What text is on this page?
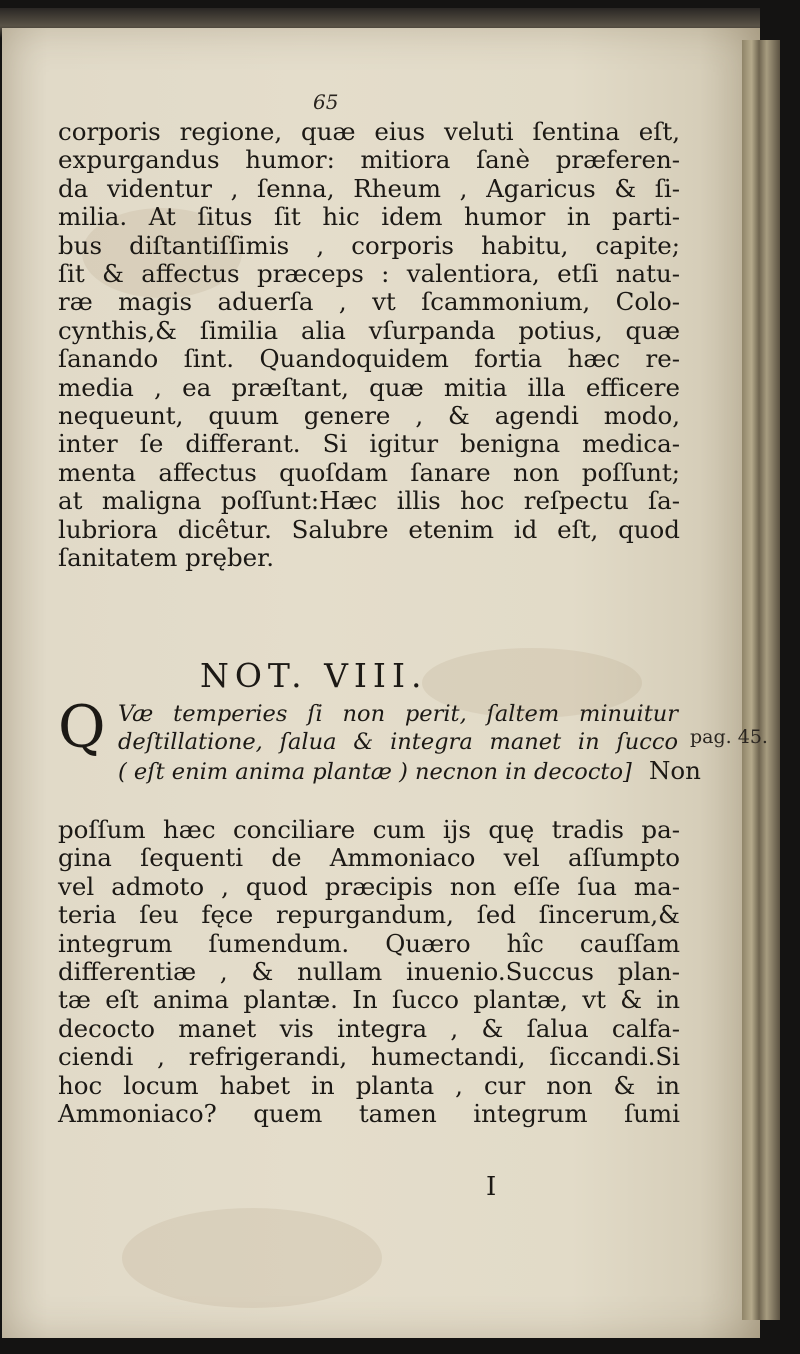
65
corporis regione, quæ eius veluti ſentina eſt,
expurgandus humor: mitiora ſanè præferen-
da videntur , ſenna, Rheum , Agaricus & ſi-
milia. At ſitus ſit hic idem humor in parti-
bus diſtantiſſimis , corporis habitu, capite;
ſit & affectus præceps : valentiora, etſi natu-
ræ magis aduerſa , vt ſcammonium, Colo-
cynthis,& ſimilia alia vſurpanda potius, quæ
ſanando ſint. Quandoquidem fortia hæc re-
media , ea præſtant, quæ mitia illa efficere
nequeunt, quum genere , & agendi modo,
inter ſe differant. Si igitur benigna medica-
menta affectus quoſdam ſanare non poſſunt;
at maligna poſſunt:Hæc illis hoc reſpectu ſa-
lubriora dicêtur. Salubre etenim id eſt, quod
ſanitatem pręber.
NOT. VIII.
Q Væ temperies ſi non perit, ſaltem minuitur
deſtillatione, ſalua & integra manet in ſucco
( eſt enim anima plantæ ) necnon in decocto] Non
pag. 45.
poſſum hæc conciliare cum ijs quę tradis pa-
gina ſequenti de Ammoniaco vel aſſumpto
vel admoto , quod præcipis non eſſe ſua ma-
teria ſeu fęce repurgandum, ſed ſincerum,&
integrum ſumendum. Quæro hîc cauſſam
differentiæ , & nullam inuenio.Succus plan-
tæ eſt anima plantæ. In ſucco plantæ, vt & in
decocto manet vis integra , & ſalua calfa-
ciendi , refrigerandi, humectandi, ſiccandi.Si
hoc locum habet in planta , cur non & in
Ammoniaco? quem tamen integrum ſumi
I
